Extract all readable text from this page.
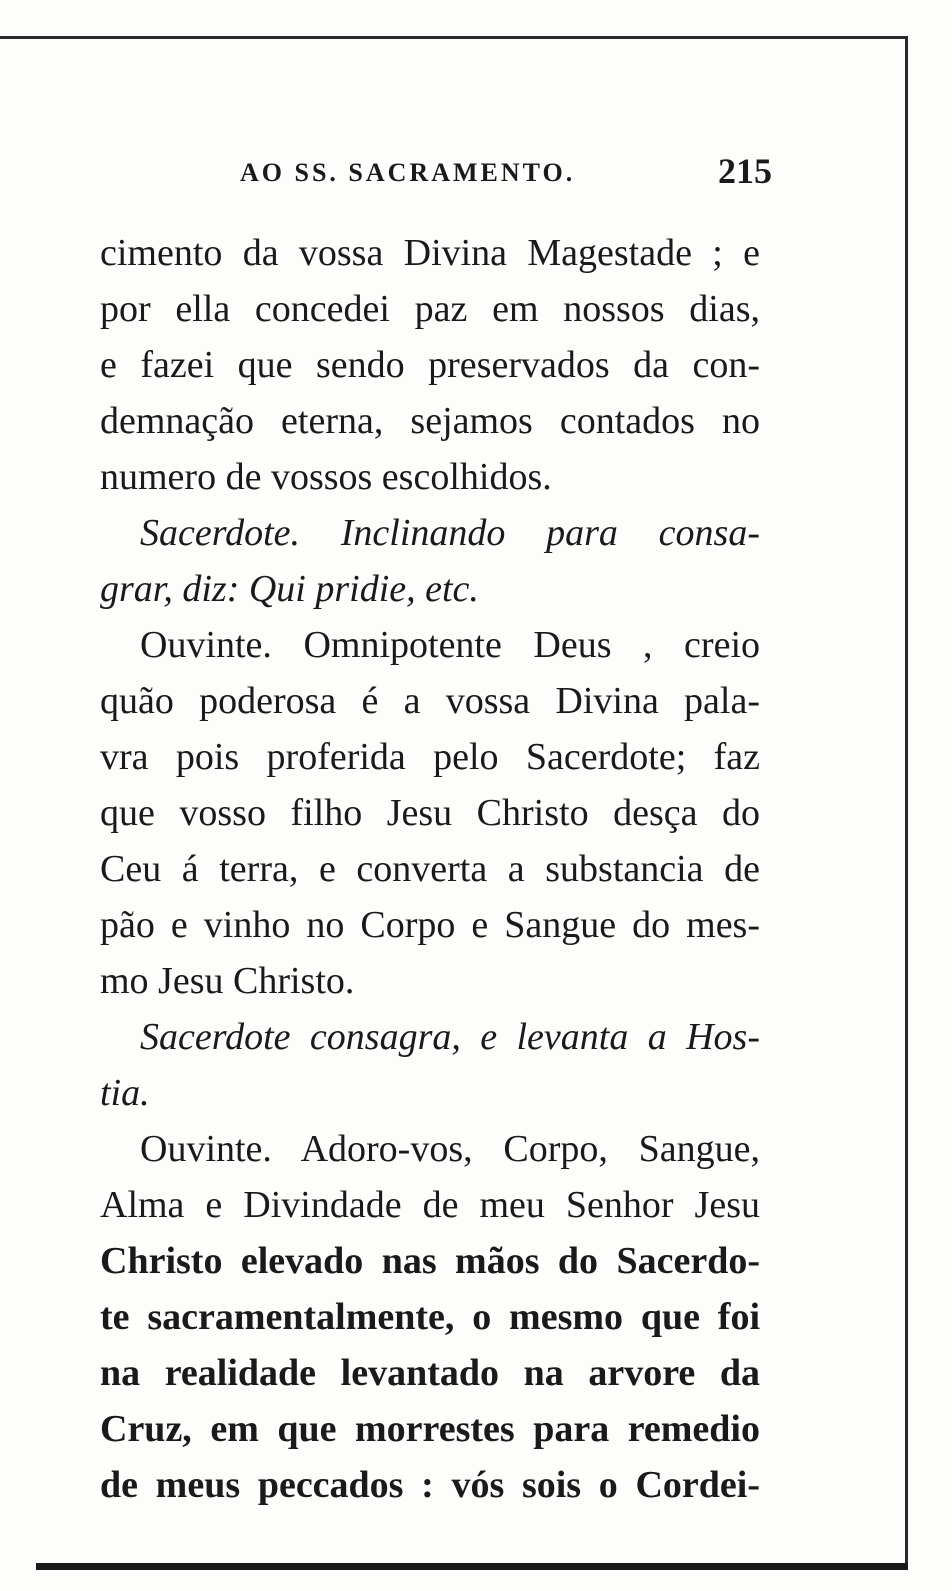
AO SS. SACRAMENTO.	215
cimento da vossa Divina Magestade ; e
por ella concedei paz em nossos dias,
e fazei que sendo preservados da con-
demnação eterna, sejamos contados no
numero de vossos escolhidos.
Sacerdote. Inclinando para consa-
grar, diz: Qui pridie, etc.
Ouvinte. Omnipotente Deus , creio
quão poderosa é a vossa Divina pala-
vra pois proferida pelo Sacerdote; faz
que vosso filho Jesu Christo desça do
Ceu á terra, e converta a substancia de
pão e vinho no Corpo e Sangue do mes-
mo Jesu Christo.
Sacerdote consagra, e levanta a Hos-
tia.
Ouvinte. Adoro-vos, Corpo, Sangue,
Alma e Divindade de meu Senhor Jesu
Christo elevado nas mãos do Sacerdo-
te sacramentalmente, o mesmo que foi
na realidade levantado na arvore da
Cruz, em que morrestes para remedio
de meus peccados : vós sois o Cordei-
